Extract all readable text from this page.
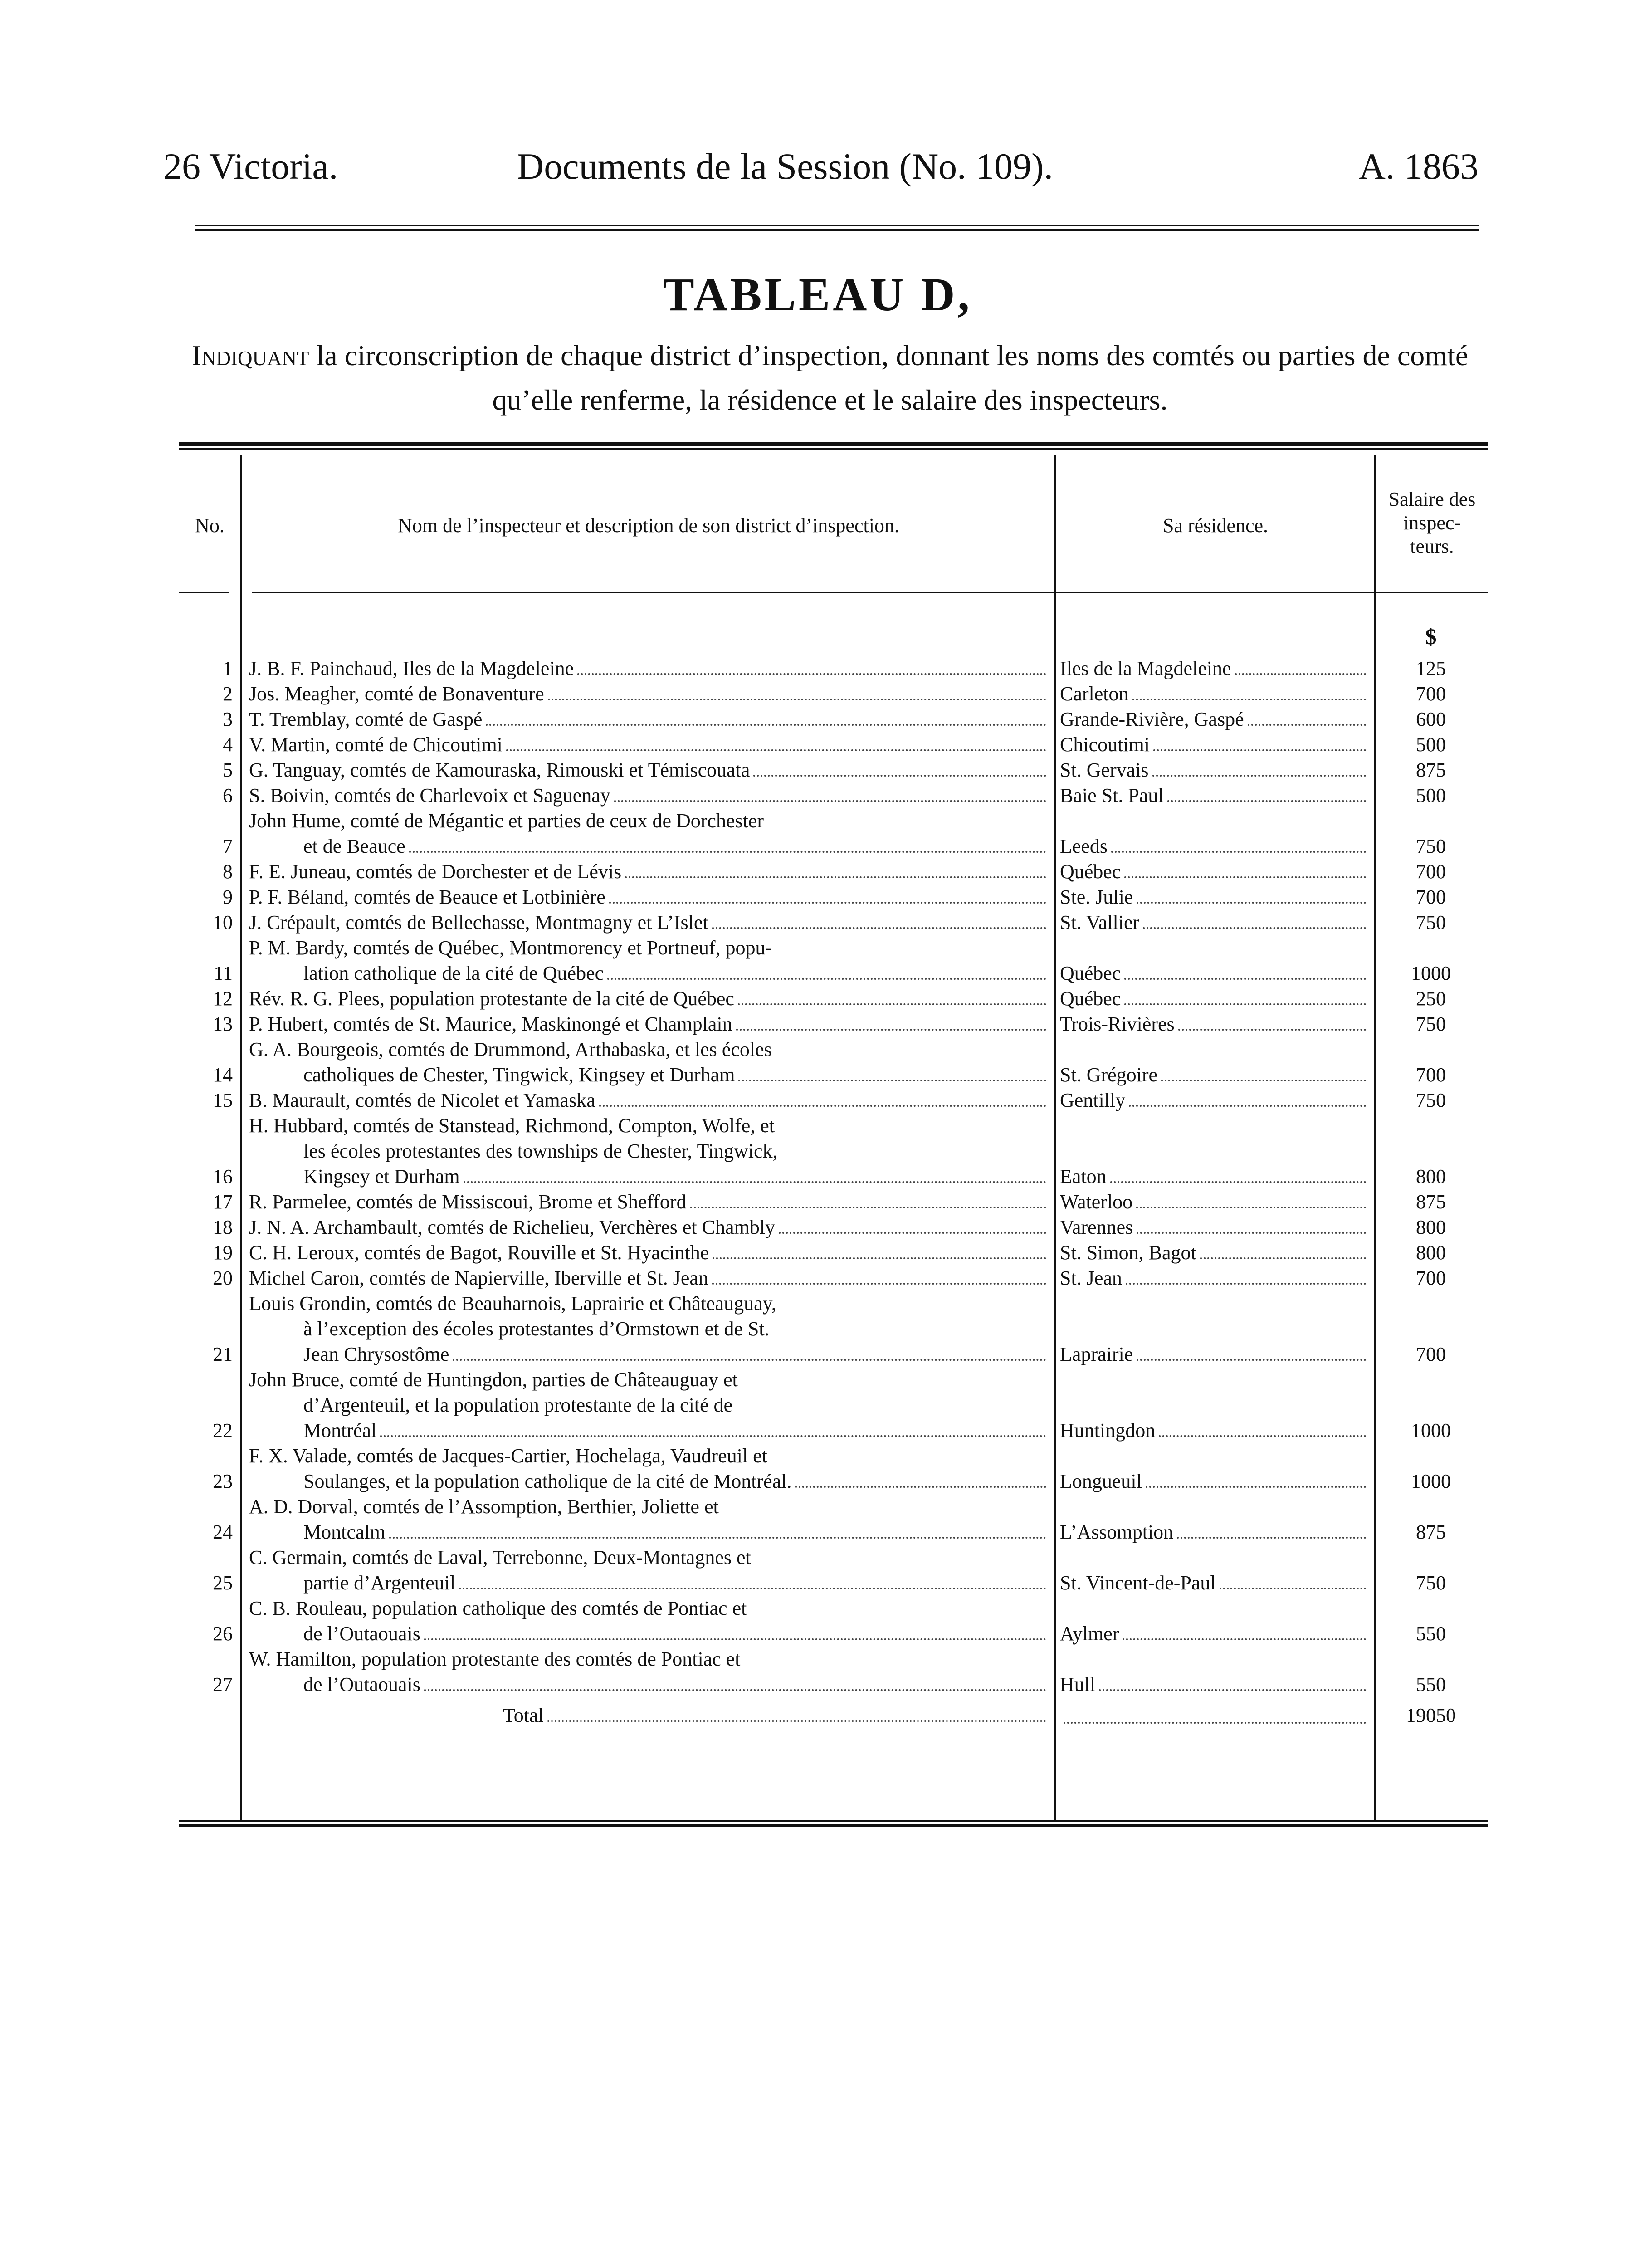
26 Victoria.	Documents de la Session (No. 109).	A. 1863
TABLEAU D,
Indiquant la circonscription de chaque district d’inspection, donnant les noms des comtés ou parties de comté qu’elle renferme, la résidence et le salaire des inspecteurs.
No.	Nom de l’inspecteur et description de son district d’inspection.	Sa résidence.
Salaire des
inspec-
teurs.
			$

1	J. B. F. Painchaud, Iles de la Magdeleine	Iles de la Magdeleine	125
2	Jos. Meagher, comté de Bonaventure	Carleton	700
3	T. Tremblay, comté de Gaspé	Grande-Rivière, Gaspé	600
4	V. Martin, comté de Chicoutimi	Chicoutimi	500
5	G. Tanguay, comtés de Kamouraska, Rimouski et Témiscouata	St. Gervais	875
6	S. Boivin, comtés de Charlevoix et Saguenay	Baie St. Paul	500
7	John Hume, comté de Mégantic et parties de ceux de Dorchester
et de Beauce	Leeds	750
8	F. E. Juneau, comtés de Dorchester et de Lévis	Québec	700
9	P. F. Béland, comtés de Beauce et Lotbinière	Ste. Julie	700
10	J. Crépault, comtés de Bellechasse, Montmagny et L’Islet	St. Vallier	750
11	P. M. Bardy, comtés de Québec, Montmorency et Portneuf, popu-
lation catholique de la cité de Québec	Québec	1000
12	Rév. R. G. Plees, population protestante de la cité de Québec	Québec	250
13	P. Hubert, comtés de St. Maurice, Maskinongé et Champlain	Trois-Rivières	750
14	G. A. Bourgeois, comtés de Drummond, Arthabaska, et les écoles
catholiques de Chester, Tingwick, Kingsey et Durham	St. Grégoire	700
15	B. Maurault, comtés de Nicolet et Yamaska	Gentilly	750
16	H. Hubbard, comtés de Stanstead, Richmond, Compton, Wolfe, et
les écoles protestantes des townships de Chester, Tingwick,
Kingsey et Durham	Eaton	800
17	R. Parmelee, comtés de Missiscoui, Brome et Shefford	Waterloo	875
18	J. N. A. Archambault, comtés de Richelieu, Verchères et Chambly	Varennes	800
19	C. H. Leroux, comtés de Bagot, Rouville et St. Hyacinthe	St. Simon, Bagot	800
20	Michel Caron, comtés de Napierville, Iberville et St. Jean	St. Jean	700
21	Louis Grondin, comtés de Beauharnois, Laprairie et Châteauguay,
à l’exception des écoles protestantes d’Ormstown et de St.
Jean Chrysostôme	Laprairie	700
22	John Bruce, comté de Huntingdon, parties de Châteauguay et
d’Argenteuil, et la population protestante de la cité de
Montréal	Huntingdon	1000
23	F. X. Valade, comtés de Jacques-Cartier, Hochelaga, Vaudreuil et
Soulanges, et la population catholique de la cité de Montréal.	Longueuil	1000
24	A. D. Dorval, comtés de l’Assomption, Berthier, Joliette et
Montcalm	L’Assomption	875
25	C. Germain, comtés de Laval, Terrebonne, Deux-Montagnes et
partie d’Argenteuil	St. Vincent-de-Paul	750
26	C. B. Rouleau, population catholique des comtés de Pontiac et
de l’Outaouais	Aylmer	550
27	W. Hamilton, population protestante des comtés de Pontiac et
de l’Outaouais	Hull	550

	Total		19050
